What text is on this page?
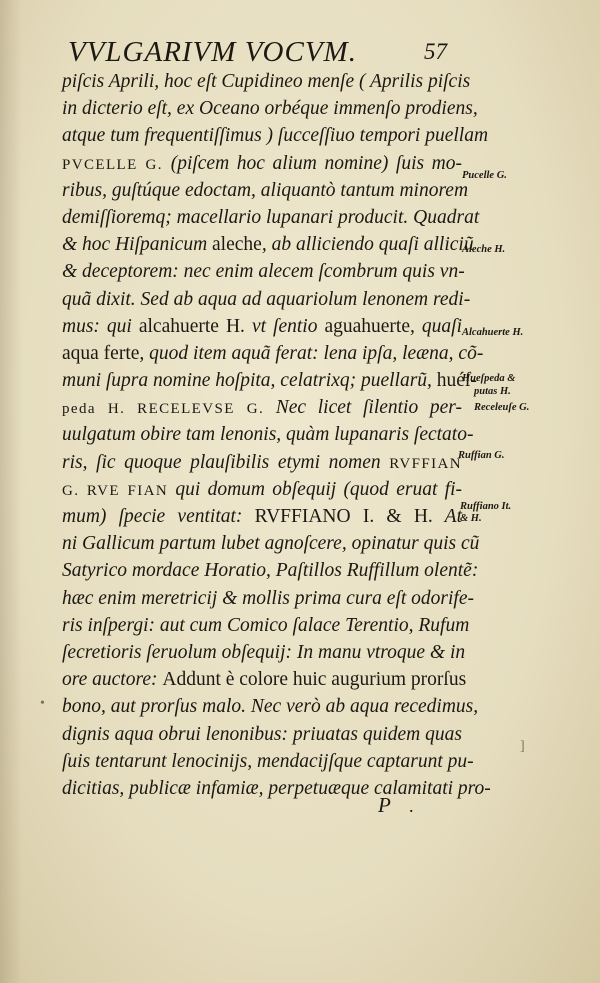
VVLGARIVM VOCVM.	57
piſcis Aprili, hoc eſt Cupidineo menſe ( Aprilis piſcis
in dicterio eſt, ex Oceano orbéque immenſo prodiens,
atque tum frequentiſſimus ) ſucceſſiuo tempori puellam
PVCELLE G. (piſcem hoc alium nomine) ſuis mo-
ribus, guſtúque edoctam, aliquantò tantum minorem
demiſſioremq; macellario lupanari producit. Quadrat
& hoc Hiſpanicum aleche, ab alliciendo quaſi alliciũ
& deceptorem: nec enim alecem ſcombrum quis vn-
quã dixit. Sed ab aqua ad aquariolum lenonem redi-
mus: qui alcahuerte H. vt ſentio aguahuerte, quaſi
aqua ferte, quod item aquã ferat: lena ipſa, leæna, cõ-
muni ſupra nomine hoſpita, celatrixq; puellarũ, huéſ-
peda H. RECELEVSE G. Nec licet ſilentio per-
uulgatum obire tam lenonis, quàm lupanaris ſectato-
ris, ſic quoque plauſibilis etymi nomen RVFFIAN
G. RVE FIAN qui domum obſequij (quod eruat fi-
mum) ſpecie ventitat: RVFFIANO I. & H. At
ni Gallicum partum lubet agnoſcere, opinatur quis cũ
Satyrico mordace Horatio, Paſtillos Ruffillum olentẽ:
hæc enim meretricij & mollis prima cura eſt odorife-
ris inſpergi: aut cum Comico ſalace Terentio, Rufum
ſecretioris ſeruolum obſequij: In manu vtroque & in
ore auctore: Addunt è colore huic augurium prorſus
bono, aut prorſus malo. Nec verò ab aqua recedimus,
dignis aqua obrui lenonibus: priuatas quidem quas
ſuis tentarunt lenocinijs, mendacijſque captarunt pu-
dicitias, publicæ infamiæ, perpetuæque calamitati pro-
P .
Pucelle G.
Aleche H.
Alcahuerte H.
Hueſpeda &
putas H.
Receleuſe G.
Ruffian G.
Ruffiano It.
& H.
•
]
